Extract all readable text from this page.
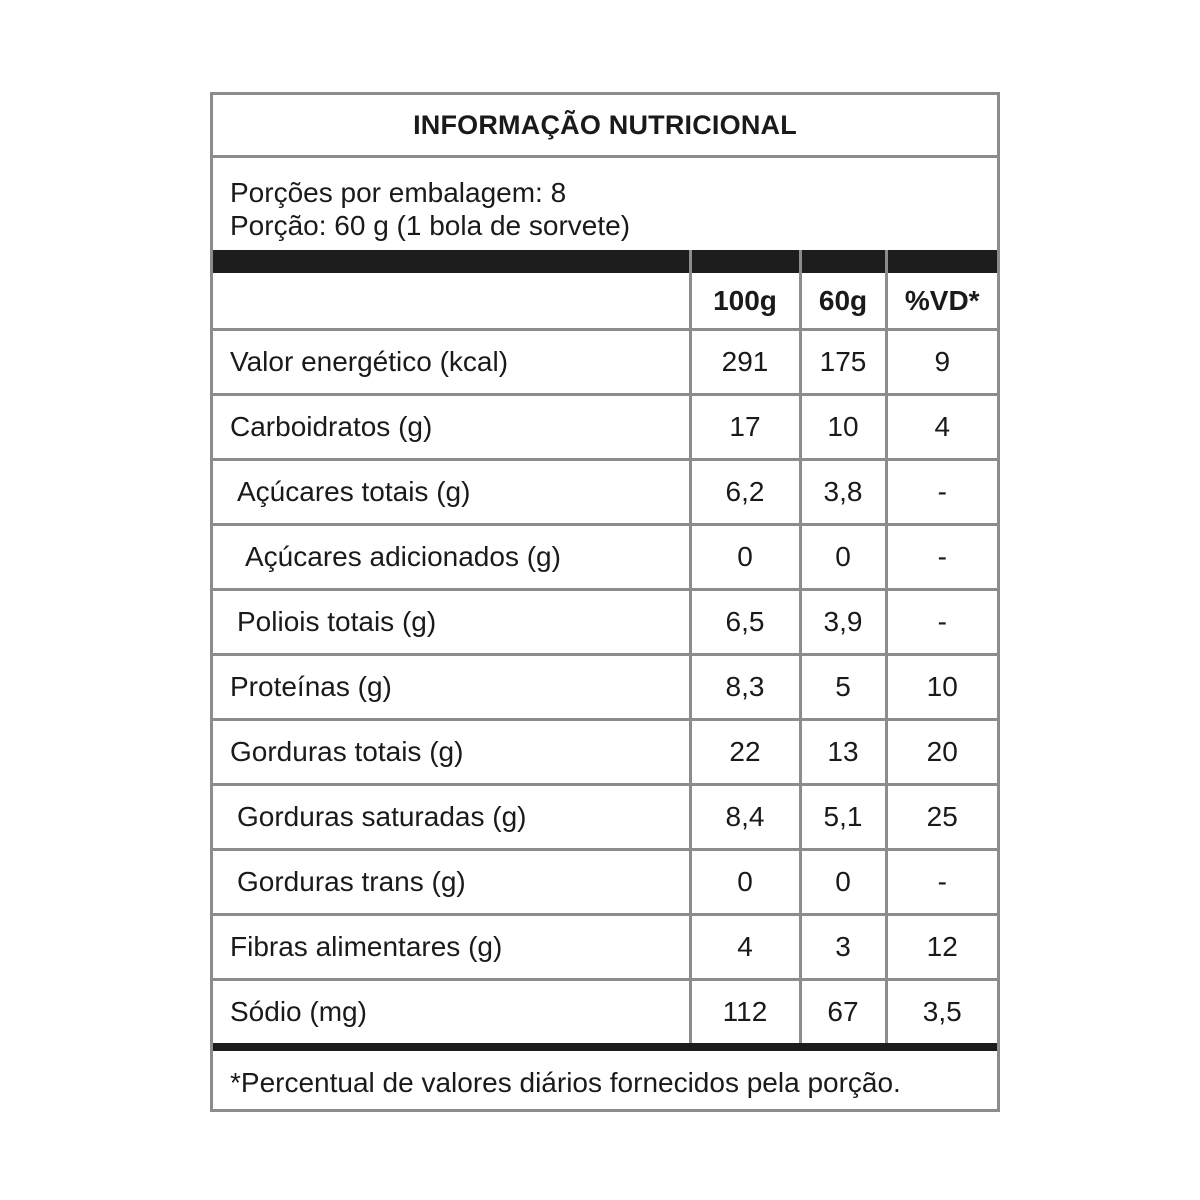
INFORMAÇÃO NUTRICIONAL
Porções por embalagem: 8
Porção: 60 g (1 bola de sorvete)

	100g	60g	%VD*
Valor energético (kcal)	291	175	9
Carboidratos (g)	17	10	4
Açúcares totais (g)	6,2	3,8	-
Açúcares adicionados (g)	0	0	-
Poliois totais (g)	6,5	3,9	-
Proteínas (g)	8,3	5	10
Gorduras totais (g)	22	13	20
Gorduras saturadas (g)	8,4	5,1	25
Gorduras trans (g)	0	0	-
Fibras alimentares (g)	4	3	12
Sódio (mg)	112	67	3,5
*Percentual de valores diários fornecidos pela porção.
